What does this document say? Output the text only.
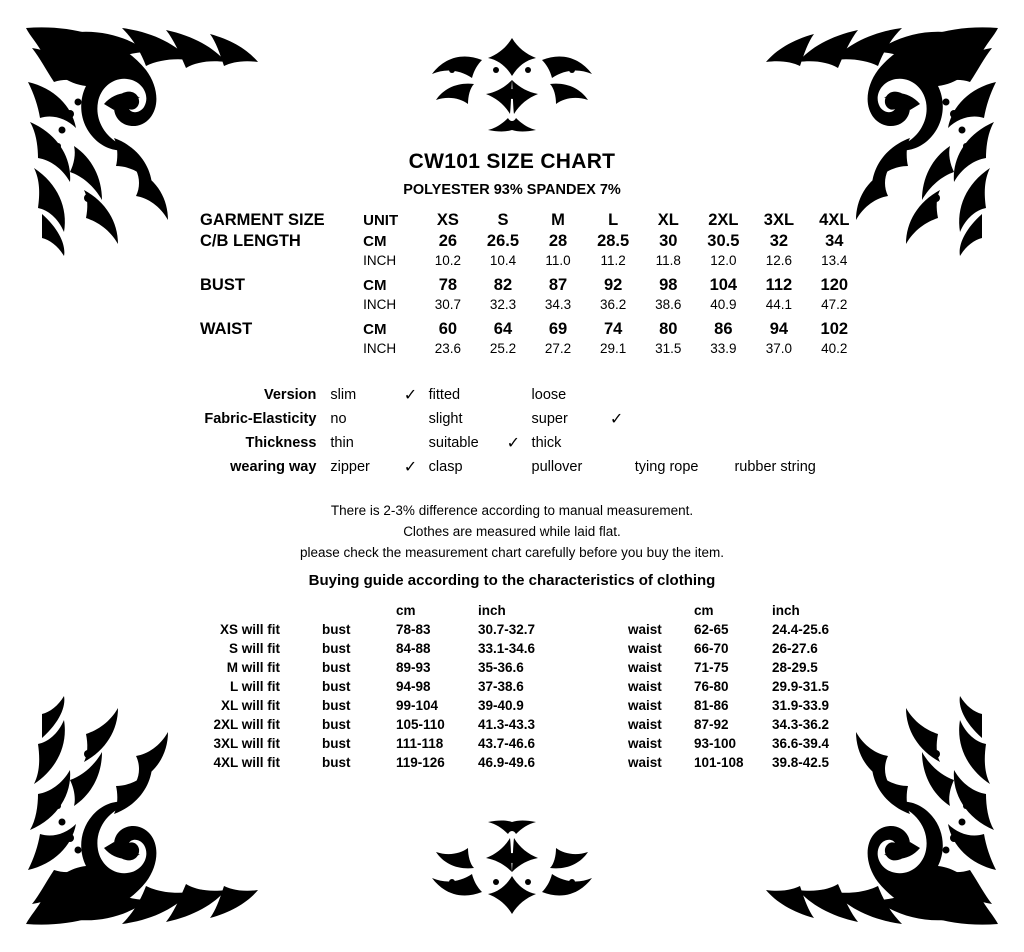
CW101 SIZE CHART
POLYESTER 93% SPANDEX 7%
GARMENT SIZE	UNIT	XS	S	M	L	XL	2XL	3XL	4XL
C/B LENGTH	CM	26	26.5	28	28.5	30	30.5	32	34
	INCH	10.2	10.4	11.0	11.2	11.8	12.0	12.6	13.4
BUST	CM	78	82	87	92	98	104	112	120
	INCH	30.7	32.3	34.3	36.2	38.6	40.9	44.1	47.2
WAIST	CM	60	64	69	74	80	86	94	102
	INCH	23.6	25.2	27.2	29.1	31.5	33.9	37.0	40.2
Version	slim	✓	fitted		loose			
Fabric-Elasticity	no		slight		super	✓		
Thickness	thin		suitable	✓	thick			
wearing way	zipper	✓	clasp		pullover		tying rope	rubber string
There is 2-3% difference according to manual measurement.
Clothes are measured while laid flat.
please check the measurement chart carefully before you buy the item.
Buying guide according to the characteristics of clothing
		cm	inch		cm	inch
XS will fit	bust	78-83	30.7-32.7	waist	62-65	24.4-25.6
S will fit	bust	84-88	33.1-34.6	waist	66-70	26-27.6
M will fit	bust	89-93	35-36.6	waist	71-75	28-29.5
L will fit	bust	94-98	37-38.6	waist	76-80	29.9-31.5
XL will fit	bust	99-104	39-40.9	waist	81-86	31.9-33.9
2XL will fit	bust	105-110	41.3-43.3	waist	87-92	34.3-36.2
3XL will fit	bust	111-118	43.7-46.6	waist	93-100	36.6-39.4
4XL will fit	bust	119-126	46.9-49.6	waist	101-108	39.8-42.5
